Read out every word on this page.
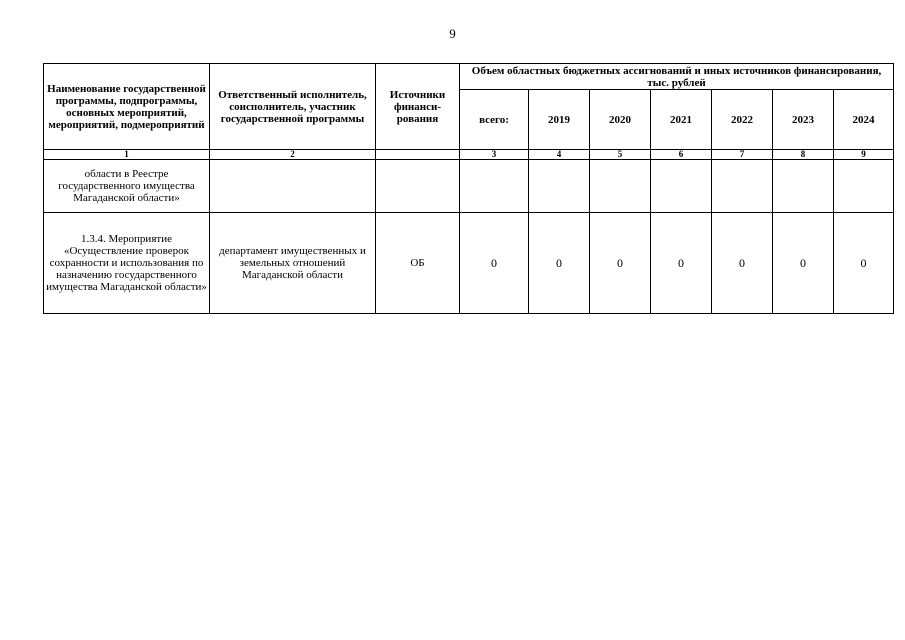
9
Наименование государственной программы, подпрограммы, основных мероприятий, мероприятий, подмероприятий	Ответственный исполнитель, соисполнитель, участник государственной программы	Источники финанси-рования	Объем областных бюджетных ассигнований и иных источников финансирования, тыс. рублей						
			всего:	2019	2020	2021	2022	2023	2024
1	2		3	4	5	6	7	8	9
области в Реестре государственного имущества Магаданской области»									
1.3.4. Мероприятие «Осуществление проверок сохранности и использования по назначению государственного имущества Магаданской области»	департамент имущественных и земельных отношений Магаданской области	ОБ	0	0	0	0	0	0	0
